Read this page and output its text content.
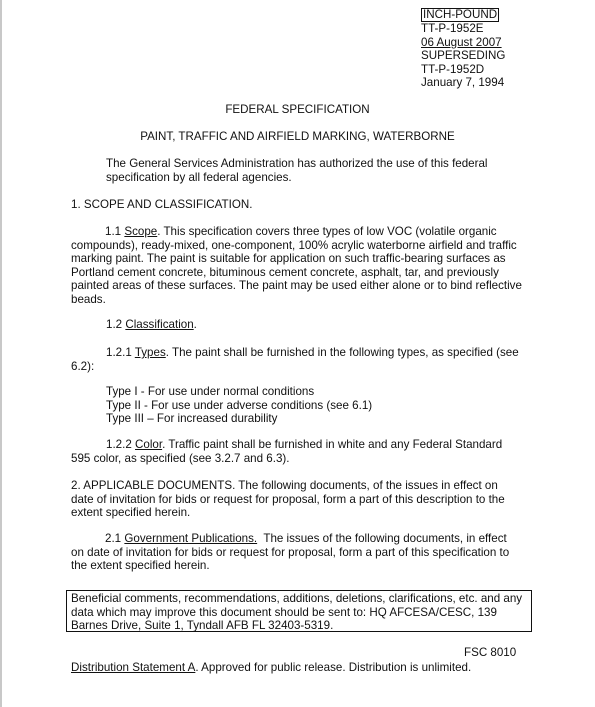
INCH-POUND
TT-P-1952E
06 August 2007
SUPERSEDING
TT-P-1952D
January 7, 1994
FEDERAL SPECIFICATION
PAINT, TRAFFIC AND AIRFIELD MARKING, WATERBORNE
The General Services Administration has authorized the use of this federal
specification by all federal agencies.
1. SCOPE AND CLASSIFICATION.
1.1 Scope. This specification covers three types of low VOC (volatile organic
compounds), ready-mixed, one-component, 100% acrylic waterborne airfield and traffic
marking paint. The paint is suitable for application on such traffic-bearing surfaces as
Portland cement concrete, bituminous cement concrete, asphalt, tar, and previously
painted areas of these surfaces. The paint may be used either alone or to bind reflective
beads.
1.2 Classification.
1.2.1 Types. The paint shall be furnished in the following types, as specified (see
6.2):
Type I - For use under normal conditions
Type II - For use under adverse conditions (see 6.1)
Type III – For increased durability
1.2.2 Color. Traffic paint shall be furnished in white and any Federal Standard
595 color, as specified (see 3.2.7 and 6.3).
2. APPLICABLE DOCUMENTS. The following documents, of the issues in effect on
date of invitation for bids or request for proposal, form a part of this description to the
extent specified herein.
2.1 Government Publications.  The issues of the following documents, in effect
on date of invitation for bids or request for proposal, form a part of this specification to
the extent specified herein.
Beneficial comments, recommendations, additions, deletions, clarifications, etc. and any
data which may improve this document should be sent to: HQ AFCESA/CESC, 139
Barnes Drive, Suite 1, Tyndall AFB FL 32403-5319.
FSC 8010
Distribution Statement A. Approved for public release. Distribution is unlimited.
